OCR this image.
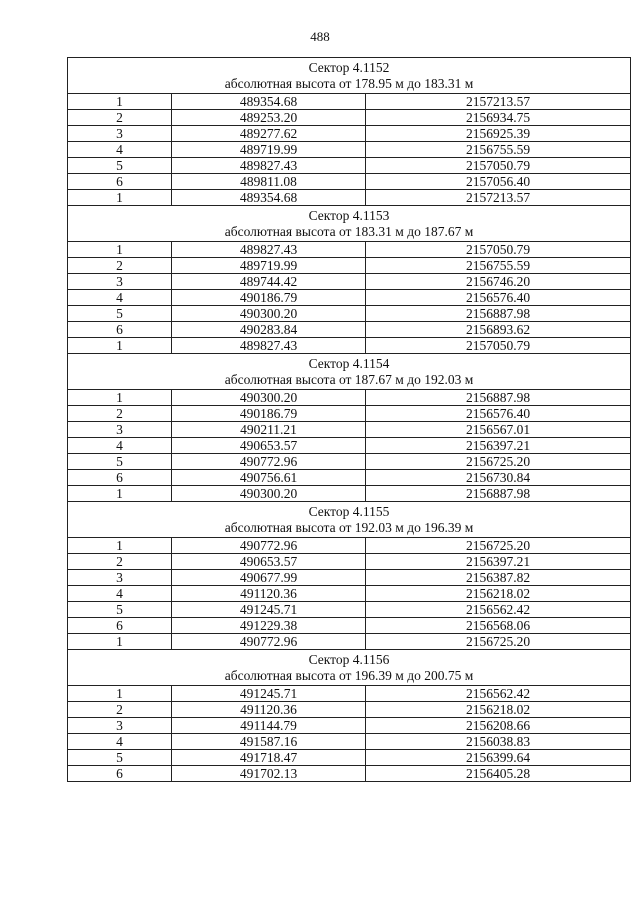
488
Сектор 4.1152
абсолютная высота от 178.95 м до 183.31 м		

1	489354.68	2157213.57
2	489253.20	2156934.75
3	489277.62	2156925.39
4	489719.99	2156755.59
5	489827.43	2157050.79
6	489811.08	2157056.40
1	489354.68	2157213.57

Сектор 4.1153
абсолютная высота от 183.31 м до 187.67 м		

1	489827.43	2157050.79
2	489719.99	2156755.59
3	489744.42	2156746.20
4	490186.79	2156576.40
5	490300.20	2156887.98
6	490283.84	2156893.62
1	489827.43	2157050.79

Сектор 4.1154
абсолютная высота от 187.67 м до 192.03 м		

1	490300.20	2156887.98
2	490186.79	2156576.40
3	490211.21	2156567.01
4	490653.57	2156397.21
5	490772.96	2156725.20
6	490756.61	2156730.84
1	490300.20	2156887.98

Сектор 4.1155
абсолютная высота от 192.03 м до 196.39 м		

1	490772.96	2156725.20
2	490653.57	2156397.21
3	490677.99	2156387.82
4	491120.36	2156218.02
5	491245.71	2156562.42
6	491229.38	2156568.06
1	490772.96	2156725.20

Сектор 4.1156
абсолютная высота от 196.39 м до 200.75 м		

1	491245.71	2156562.42
2	491120.36	2156218.02
3	491144.79	2156208.66
4	491587.16	2156038.83
5	491718.47	2156399.64
6	491702.13	2156405.28
